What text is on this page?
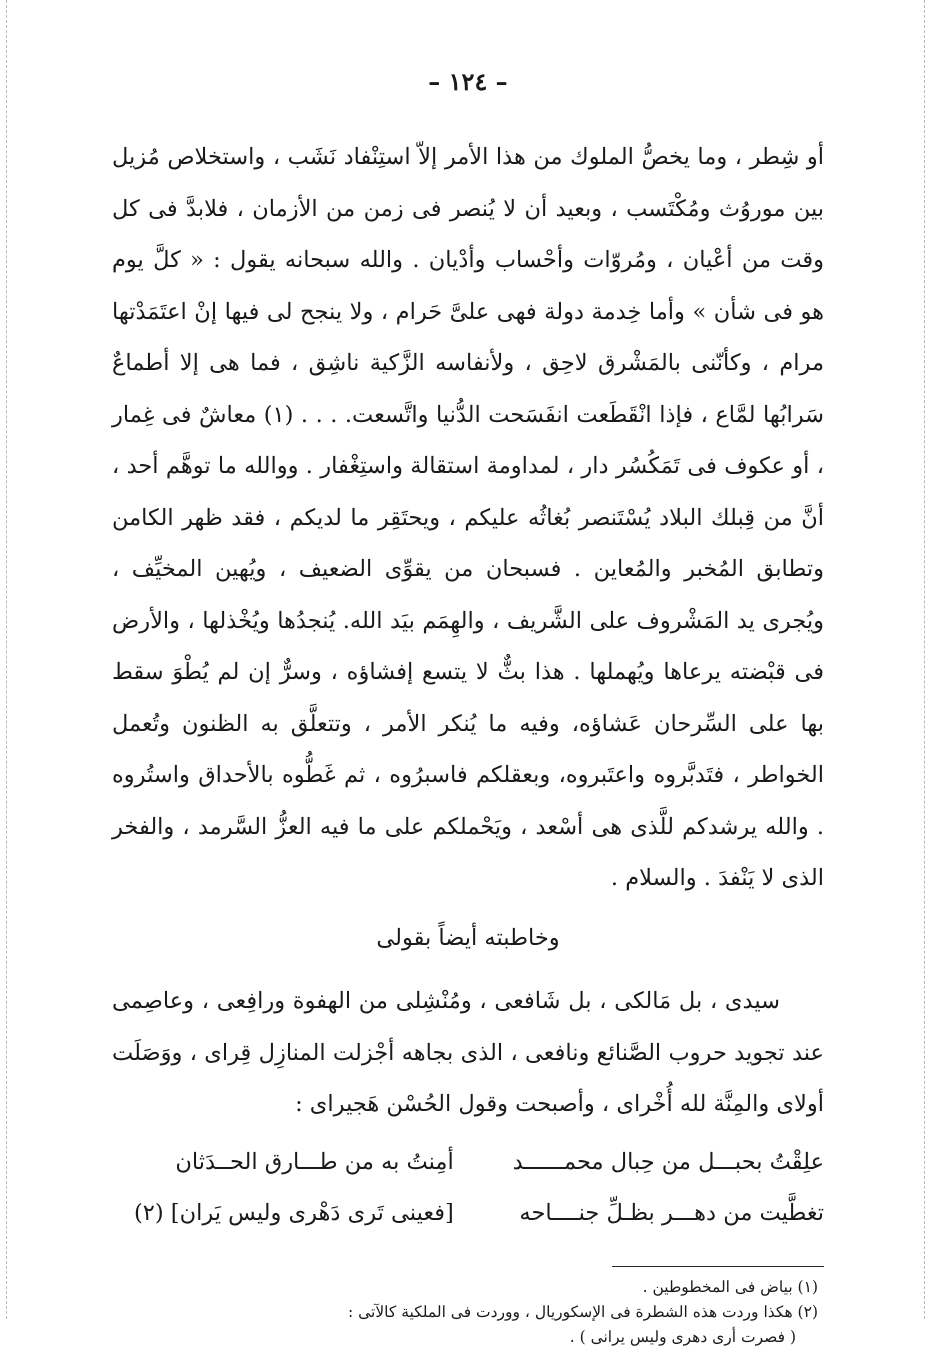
– ١٢٤ –

أو شِطر ، وما يخصُّ الملوك من هذا الأمر إلاّ استِنْفاد نَشَب ، واستخلاص مُزيل بين موروُث ومُكْتَسب ، وبعيد أن لا يُنصر فى زمن من الأزمان ، فلابدَّ فى كل وقت من أعْيان ، ومُروّات وأحْساب وأدْيان . والله سبحانه يقول : « كلَّ يوم هو فى شأن » وأما خِدمة دولة فهى علىَّ حَرام ، ولا ينجح لى فيها إنْ اعتَمَدْتها مرام ، وكأنّنى بالمَشْرق لاحِق ، ولأنفاسه الزَّكية ناشِق ، فما هى إلا أطماعٌ سَرابُها لمَّاع ، فإذا انْقَطَعت انفَسَحت الدُّنيا واتَّسعت. . . . (١) معاشٌ فى غِمار ، أو عكوف فى تَمَكُسُر دار ، لمداومة استقالة واستِغْفار . ووالله ما توهَّم أحد ، أنَّ من قِبلك البلاد يُسْتَنصر بُغاثُه عليكم ، ويحتَقِر ما لديكم ، فقد ظهر الكامن وتطابق المُخبر والمُعاين . فسبحان من يقوِّى الضعيف ، ويُهين المخيِّف ، ويُجرى يد المَشْروف على الشَّريف ، والهِمَم بيَد الله. يُنجدُها ويُخْذلها ، والأرض فى قبْضته يرعاها ويُهملها . هذا بثٌّ لا يتسع إفشاؤه ، وسرٌّ إن لم يُطْوَ سقط بها على السِّرحان عَشاؤه، وفيه ما يُنكر الأمر ، وتتعلَّق به الظنون وتُعمل الخواطر ، فتَدبَّروه واعتَبروه، وبعقلكم فاسبرُوه ، ثم غَطُّوه بالأحداق واستُروه . والله يرشدكم للَّذى هى أسْعد ، ويَحْملكم على ما فيه العزُّ السَّرمد ، والفخر الذى لا يَنْفدَ . والسلام .

وخاطبته أيضاً بقولى

سيدى ، بل مَالكى ، بل شَافعى ، ومُنْشِلى من الهفوة ورافِعى ، وعاصِمى عند تجويد حروب الصَّنائع ونافعى ، الذى بجاهه أجْزلت المنازِل قِراى ، ووَصَلَت أولاى والمِنَّة لله أُخْراى ، وأصبحت وقول الحُسْن هَجيراى :

علِقْتُ بحبـــل من حِبال محمــــــد
أمِنتُ به من طـــارق الحــدَثان
تغطَّيت من دهـــر بظـلِّ جنــــاحه
[فعينى تَرى دَهْرى وليس يَران] (٢)

(١) بياض فى المخطوطين .

(٢) هكذا وردت هذه الشطرة فى الإسكوريال ، ووردت فى الملكية كالآتى :

( فصرت أرى دهرى وليس يرانى ) .
